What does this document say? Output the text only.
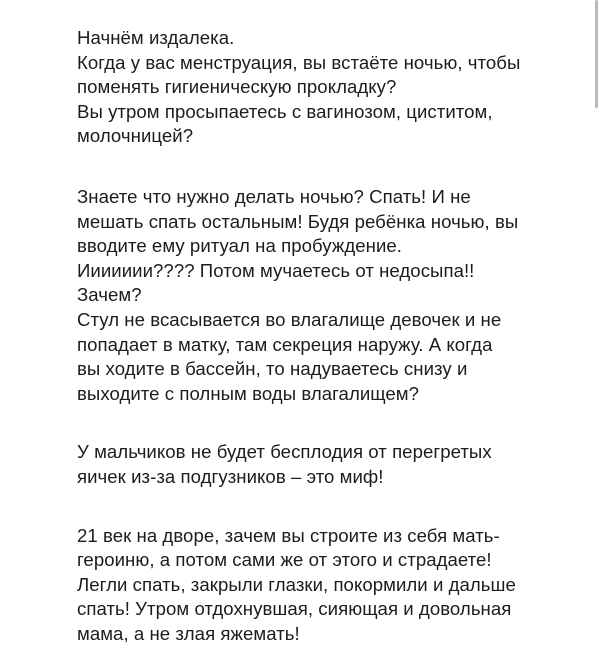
Начнём издалека.
Когда у вас менструация, вы встаёте ночью, чтобы
поменять гигиеническую прокладку?
Вы утром просыпаетесь с вагинозом, циститом,
молочницей?
Знаете что нужно делать ночью? Спать! И не
мешать спать остальным! Будя ребёнка ночью, вы
вводите ему ритуал на пробуждение.
Иииииии???? Потом мучаетесь от недосыпа!!
Зачем?
Стул не всасывается во влагалище девочек и не
попадает в матку, там секреция наружу. А когда
вы ходите в бассейн, то надуваетесь снизу и
выходите с полным воды влагалищем?
У мальчиков не будет бесплодия от перегретых
яичек из-за подгузников – это миф!
21 век на дворе, зачем вы строите из себя мать-
героиню, а потом сами же от этого и страдаете!
Легли спать, закрыли глазки, покормили и дальше
спать! Утром отдохнувшая, сияющая и довольная
мама, а не злая яжемать!
